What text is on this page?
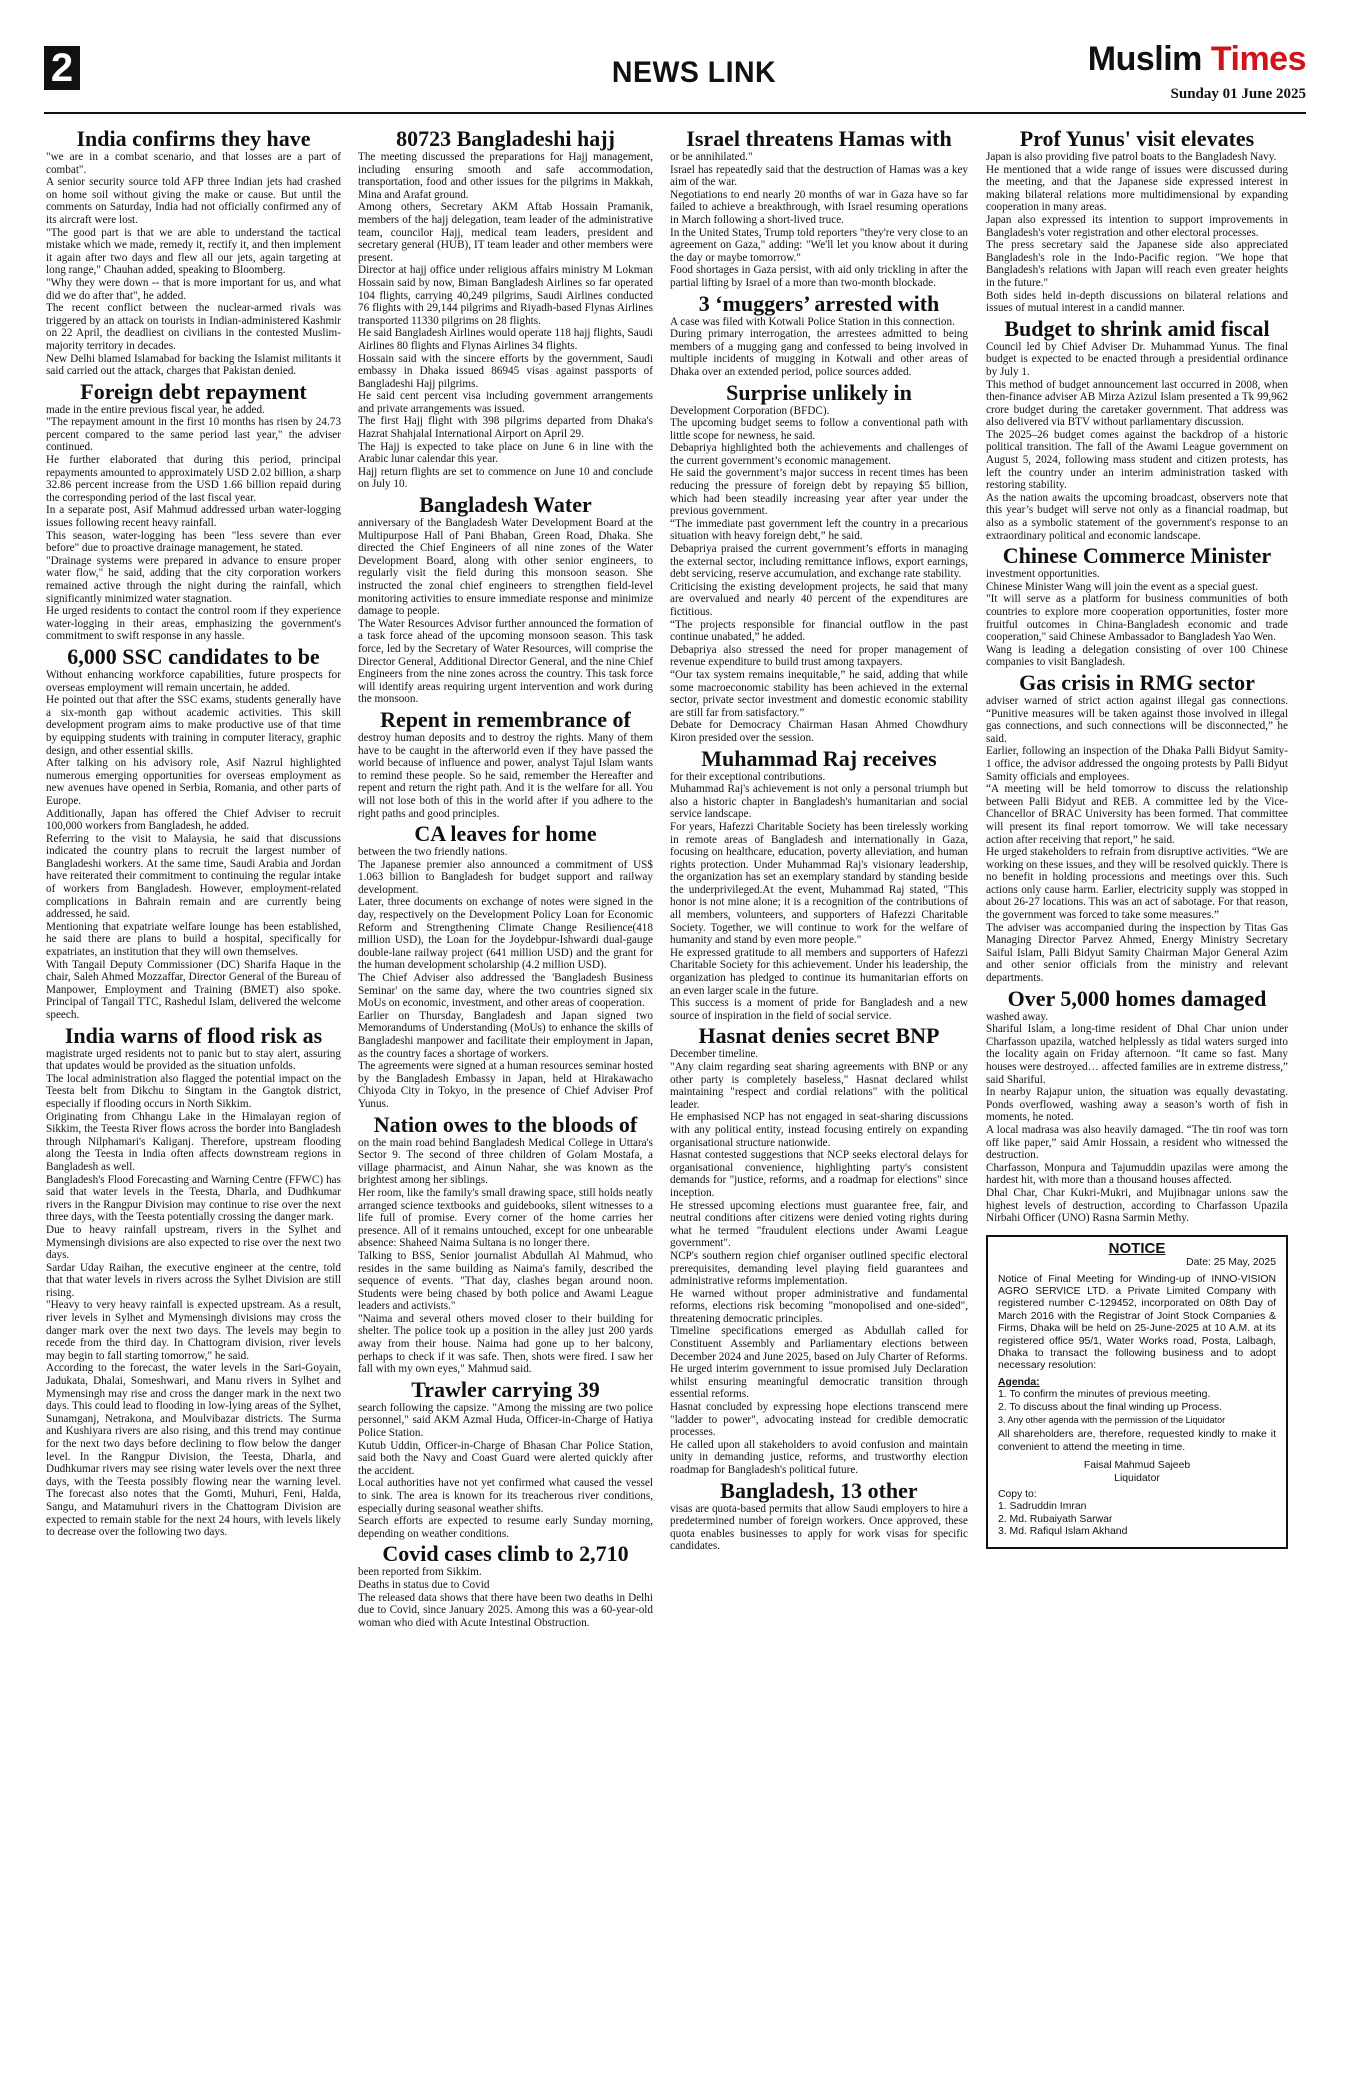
2	NEWS LINK	Muslim Times
Sunday 01 June 2025
India confirms they have

"we are in a combat scenario, and that losses are a part of combat".

A senior security source told AFP three Indian jets had crashed on home soil without giving the make or cause. But until the comments on Saturday, India had not officially confirmed any of its aircraft were lost.

"The good part is that we are able to understand the tactical mistake which we made, remedy it, rectify it, and then implement it again after two days and flew all our jets, again targeting at long range," Chauhan added, speaking to Bloomberg.

"Why they were down -- that is more important for us, and what did we do after that", he added.

The recent conflict between the nuclear-armed rivals was triggered by an attack on tourists in Indian-administered Kashmir on 22 April, the deadliest on civilians in the contested Muslim-majority territory in decades.

New Delhi blamed Islamabad for backing the Islamist militants it said carried out the attack, charges that Pakistan denied.

Foreign debt repayment

made in the entire previous fiscal year, he added.

"The repayment amount in the first 10 months has risen by 24.73 percent compared to the same period last year," the adviser continued.

He further elaborated that during this period, principal repayments amounted to approximately USD 2.02 billion, a sharp 32.86 percent increase from the USD 1.66 billion repaid during the corresponding period of the last fiscal year.

In a separate post, Asif Mahmud addressed urban water-logging issues following recent heavy rainfall.

This season, water-logging has been "less severe than ever before" due to proactive drainage management, he stated.

"Drainage systems were prepared in advance to ensure proper water flow," he said, adding that the city corporation workers remained active through the night during the rainfall, which significantly minimized water stagnation.

He urged residents to contact the control room if they experience water-logging in their areas, emphasizing the government's commitment to swift response in any hassle.

6,000 SSC candidates to be

Without enhancing workforce capabilities, future prospects for overseas employment will remain uncertain, he added.

He pointed out that after the SSC exams, students generally have a six-month gap without academic activities. This skill development program aims to make productive use of that time by equipping students with training in computer literacy, graphic design, and other essential skills.

After talking on his advisory role, Asif Nazrul highlighted numerous emerging opportunities for overseas employment as new avenues have opened in Serbia, Romania, and other parts of Europe.

Additionally, Japan has offered the Chief Adviser to recruit 100,000 workers from Bangladesh, he added.

Referring to the visit to Malaysia, he said that discussions indicated the country plans to recruit the largest number of Bangladeshi workers. At the same time, Saudi Arabia and Jordan have reiterated their commitment to continuing the regular intake of workers from Bangladesh. However, employment-related complications in Bahrain remain and are currently being addressed, he said.

Mentioning that expatriate welfare lounge has been established, he said there are plans to build a hospital, specifically for expatriates, an institution that they will own themselves.

With Tangail Deputy Commissioner (DC) Sharifa Haque in the chair, Saleh Ahmed Mozzaffar, Director General of the Bureau of Manpower, Employment and Training (BMET) also spoke. Principal of Tangail TTC, Rashedul Islam, delivered the welcome speech.

India warns of flood risk as

magistrate urged residents not to panic but to stay alert, assuring that updates would be provided as the situation unfolds.

The local administration also flagged the potential impact on the Teesta belt from Dikchu to Singtam in the Gangtok district, especially if flooding occurs in North Sikkim.

Originating from Chhangu Lake in the Himalayan region of Sikkim, the Teesta River flows across the border into Bangladesh through Nilphamari's Kaliganj. Therefore, upstream flooding along the Teesta in India often affects downstream regions in Bangladesh as well.

Bangladesh's Flood Forecasting and Warning Centre (FFWC) has said that water levels in the Teesta, Dharla, and Dudhkumar rivers in the Rangpur Division may continue to rise over the next three days, with the Teesta potentially crossing the danger mark.

Due to heavy rainfall upstream, rivers in the Sylhet and Mymensingh divisions are also expected to rise over the next two days.

Sardar Uday Raihan, the executive engineer at the centre, told that that water levels in rivers across the Sylhet Division are still rising.

"Heavy to very heavy rainfall is expected upstream. As a result, river levels in Sylhet and Mymensingh divisions may cross the danger mark over the next two days. The levels may begin to recede from the third day. In Chattogram division, river levels may begin to fall starting tomorrow," he said.

According to the forecast, the water levels in the Sari-Goyain, Jadukata, Dhalai, Someshwari, and Manu rivers in Sylhet and Mymensingh may rise and cross the danger mark in the next two days. This could lead to flooding in low-lying areas of the Sylhet, Sunamganj, Netrakona, and Moulvibazar districts. The Surma and Kushiyara rivers are also rising, and this trend may continue for the next two days before declining to flow below the danger level. In the Rangpur Division, the Teesta, Dharla, and Dudhkumar rivers may see rising water levels over the next three days, with the Teesta possibly flowing near the warning level. The forecast also notes that the Gomti, Muhuri, Feni, Halda, Sangu, and Matamuhuri rivers in the Chattogram Division are expected to remain stable for the next 24 hours, with levels likely to decrease over the following two days.

80723 Bangladeshi hajj

The meeting discussed the preparations for Hajj management, including ensuring smooth and safe accommodation, transportation, food and other issues for the pilgrims in Makkah, Mina and Arafat ground.

Among others, Secretary AKM Aftab Hossain Pramanik, members of the hajj delegation, team leader of the administrative team, councilor Hajj, medical team leaders, president and secretary general (HUB), IT team leader and other members were present.

Director at hajj office under religious affairs ministry M Lokman Hossain said by now, Biman Bangladesh Airlines so far operated 104 flights, carrying 40,249 pilgrims, Saudi Airlines conducted 76 flights with 29,144 pilgrims and Riyadh-based Flynas Airlines transported 11330 pilgrims on 28 flights.

He said Bangladesh Airlines would operate 118 hajj flights, Saudi Airlines 80 flights and Flynas Airlines 34 flights.

Hossain said with the sincere efforts by the government, Saudi embassy in Dhaka issued 86945 visas against passports of Bangladeshi Hajj pilgrims.

He said cent percent visa including government arrangements and private arrangements was issued.

The first Hajj flight with 398 pilgrims departed from Dhaka's Hazrat Shahjalal International Airport on April 29.

The Hajj is expected to take place on June 6 in line with the Arabic lunar calendar this year.

Hajj return flights are set to commence on June 10 and conclude on July 10.

Bangladesh Water

anniversary of the Bangladesh Water Development Board at the Multipurpose Hall of Pani Bhaban, Green Road, Dhaka. She directed the Chief Engineers of all nine zones of the Water Development Board, along with other senior engineers, to regularly visit the field during this monsoon season. She instructed the zonal chief engineers to strengthen field-level monitoring activities to ensure immediate response and minimize damage to people.

The Water Resources Advisor further announced the formation of a task force ahead of the upcoming monsoon season. This task force, led by the Secretary of Water Resources, will comprise the Director General, Additional Director General, and the nine Chief Engineers from the nine zones across the country. This task force will identify areas requiring urgent intervention and work during the monsoon.

Repent in remembrance of

destroy human deposits and to destroy the rights. Many of them have to be caught in the afterworld even if they have passed the world because of influence and power, analyst Tajul Islam wants to remind these people. So he said, remember the Hereafter and repent and return the right path. And it is the welfare for all. You will not lose both of this in the world after if you adhere to the right paths and good principles.

CA leaves for home

between the two friendly nations.

The Japanese premier also announced a commitment of US$ 1.063 billion to Bangladesh for budget support and railway development.

Later, three documents on exchange of notes were signed in the day, respectively on the Development Policy Loan for Economic Reform and Strengthening Climate Change Resilience(418 million USD), the Loan for the Joydebpur-Ishwardi dual-gauge double-lane railway project (641 million USD) and the grant for the human development scholarship (4.2 million USD).

The Chief Adviser also addressed the 'Bangladesh Business Seminar' on the same day, where the two countries signed six MoUs on economic, investment, and other areas of cooperation.

Earlier on Thursday, Bangladesh and Japan signed two Memorandums of Understanding (MoUs) to enhance the skills of Bangladeshi manpower and facilitate their employment in Japan, as the country faces a shortage of workers.

The agreements were signed at a human resources seminar hosted by the Bangladesh Embassy in Japan, held at Hirakawacho Chiyoda City in Tokyo, in the presence of Chief Adviser Prof Yunus.

Nation owes to the bloods of

on the main road behind Bangladesh Medical College in Uttara's Sector 9. The second of three children of Golam Mostafa, a village pharmacist, and Ainun Nahar, she was known as the brightest among her siblings.

Her room, like the family's small drawing space, still holds neatly arranged science textbooks and guidebooks, silent witnesses to a life full of promise. Every corner of the home carries her presence. All of it remains untouched, except for one unbearable absence: Shaheed Naima Sultana is no longer there.

Talking to BSS, Senior journalist Abdullah Al Mahmud, who resides in the same building as Naima's family, described the sequence of events. "That day, clashes began around noon. Students were being chased by both police and Awami League leaders and activists."

"Naima and several others moved closer to their building for shelter. The police took up a position in the alley just 200 yards away from their house. Naima had gone up to her balcony, perhaps to check if it was safe. Then, shots were fired. I saw her fall with my own eyes," Mahmud said.

Trawler carrying 39

search following the capsize. "Among the missing are two police personnel," said AKM Azmal Huda, Officer-in-Charge of Hatiya Police Station.

Kutub Uddin, Officer-in-Charge of Bhasan Char Police Station, said both the Navy and Coast Guard were alerted quickly after the accident.

Local authorities have not yet confirmed what caused the vessel to sink. The area is known for its treacherous river conditions, especially during seasonal weather shifts.

Search efforts are expected to resume early Sunday morning, depending on weather conditions.

Covid cases climb to 2,710

been reported from Sikkim.

Deaths in status due to Covid

The released data shows that there have been two deaths in Delhi due to Covid, since January 2025. Among this was a 60-year-old woman who died with Acute Intestinal Obstruction.

Israel threatens Hamas with

or be annihilated."

Israel has repeatedly said that the destruction of Hamas was a key aim of the war.

Negotiations to end nearly 20 months of war in Gaza have so far failed to achieve a breakthrough, with Israel resuming operations in March following a short-lived truce.

In the United States, Trump told reporters "they're very close to an agreement on Gaza," adding: "We'll let you know about it during the day or maybe tomorrow."

Food shortages in Gaza persist, with aid only trickling in after the partial lifting by Israel of a more than two-month blockade.

3 ‘muggers’ arrested with

A case was filed with Kotwali Police Station in this connection.

During primary interrogation, the arrestees admitted to being members of a mugging gang and confessed to being involved in multiple incidents of mugging in Kotwali and other areas of Dhaka over an extended period, police sources added.

Surprise unlikely in

Development Corporation (BFDC).

The upcoming budget seems to follow a conventional path with little scope for newness, he said.

Debapriya highlighted both the achievements and challenges of the current government’s economic management.

He said the government’s major success in recent times has been reducing the pressure of foreign debt by repaying $5 billion, which had been steadily increasing year after year under the previous government.

“The immediate past government left the country in a precarious situation with heavy foreign debt,” he said.

Debapriya praised the current government’s efforts in managing the external sector, including remittance inflows, export earnings, debt servicing, reserve accumulation, and exchange rate stability.

Criticising the existing development projects, he said that many are overvalued and nearly 40 percent of the expenditures are fictitious.

“The projects responsible for financial outflow in the past continue unabated,” he added.

Debapriya also stressed the need for proper management of revenue expenditure to build trust among taxpayers.

“Our tax system remains inequitable,” he said, adding that while some macroeconomic stability has been achieved in the external sector, private sector investment and domestic economic stability are still far from satisfactory.”

Debate for Democracy Chairman Hasan Ahmed Chowdhury Kiron presided over the session.

Muhammad Raj receives

for their exceptional contributions.

Muhammad Raj's achievement is not only a personal triumph but also a historic chapter in Bangladesh's humanitarian and social service landscape.

For years, Hafezzi Charitable Society has been tirelessly working in remote areas of Bangladesh and internationally in Gaza, focusing on healthcare, education, poverty alleviation, and human rights protection. Under Muhammad Raj's visionary leadership, the organization has set an exemplary standard by standing beside the underprivileged.At the event, Muhammad Raj stated, "This honor is not mine alone; it is a recognition of the contributions of all members, volunteers, and supporters of Hafezzi Charitable Society. Together, we will continue to work for the welfare of humanity and stand by even more people."

He expressed gratitude to all members and supporters of Hafezzi Charitable Society for this achievement. Under his leadership, the organization has pledged to continue its humanitarian efforts on an even larger scale in the future.

This success is a moment of pride for Bangladesh and a new source of inspiration in the field of social service.

Hasnat denies secret BNP

December timeline.

"Any claim regarding seat sharing agreements with BNP or any other party is completely baseless," Hasnat declared whilst maintaining "respect and cordial relations" with the political leader.

He emphasised NCP has not engaged in seat-sharing discussions with any political entity, instead focusing entirely on expanding organisational structure nationwide.

Hasnat contested suggestions that NCP seeks electoral delays for organisational convenience, highlighting party's consistent demands for "justice, reforms, and a roadmap for elections" since inception.

He stressed upcoming elections must guarantee free, fair, and neutral conditions after citizens were denied voting rights during what he termed "fraudulent elections under Awami League government".

NCP's southern region chief organiser outlined specific electoral prerequisites, demanding level playing field guarantees and administrative reforms implementation.

He warned without proper administrative and fundamental reforms, elections risk becoming "monopolised and one-sided", threatening democratic principles.

Timeline specifications emerged as Abdullah called for Constituent Assembly and Parliamentary elections between December 2024 and June 2025, based on July Charter of Reforms.

He urged interim government to issue promised July Declaration whilst ensuring meaningful democratic transition through essential reforms.

Hasnat concluded by expressing hope elections transcend mere "ladder to power", advocating instead for credible democratic processes.

He called upon all stakeholders to avoid confusion and maintain unity in demanding justice, reforms, and trustworthy election roadmap for Bangladesh's political future.

Bangladesh, 13 other

visas are quota-based permits that allow Saudi employers to hire a predetermined number of foreign workers. Once approved, these quota enables businesses to apply for work visas for specific candidates.

Prof Yunus' visit elevates

Japan is also providing five patrol boats to the Bangladesh Navy.

He mentioned that a wide range of issues were discussed during the meeting, and that the Japanese side expressed interest in making bilateral relations more multidimensional by expanding cooperation in many areas.

Japan also expressed its intention to support improvements in Bangladesh's voter registration and other electoral processes.

The press secretary said the Japanese side also appreciated Bangladesh's role in the Indo-Pacific region. "We hope that Bangladesh's relations with Japan will reach even greater heights in the future."

Both sides held in-depth discussions on bilateral relations and issues of mutual interest in a candid manner.

Budget to shrink amid fiscal

Council led by Chief Adviser Dr. Muhammad Yunus. The final budget is expected to be enacted through a presidential ordinance by July 1.

This method of budget announcement last occurred in 2008, when then-finance adviser AB Mirza Azizul Islam presented a Tk 99,962 crore budget during the caretaker government. That address was also delivered via BTV without parliamentary discussion.

The 2025–26 budget comes against the backdrop of a historic political transition. The fall of the Awami League government on August 5, 2024, following mass student and citizen protests, has left the country under an interim administration tasked with restoring stability.

As the nation awaits the upcoming broadcast, observers note that this year’s budget will serve not only as a financial roadmap, but also as a symbolic statement of the government's response to an extraordinary political and economic landscape.

Chinese Commerce Minister

investment opportunities.

Chinese Minister Wang will join the event as a special guest.

"It will serve as a platform for business communities of both countries to explore more cooperation opportunities, foster more fruitful outcomes in China-Bangladesh economic and trade cooperation," said Chinese Ambassador to Bangladesh Yao Wen.

Wang is leading a delegation consisting of over 100 Chinese companies to visit Bangladesh.

Gas crisis in RMG sector

adviser warned of strict action against illegal gas connections. “Punitive measures will be taken against those involved in illegal gas connections, and such connections will be disconnected,” he said.

Earlier, following an inspection of the Dhaka Palli Bidyut Samity-1 office, the advisor addressed the ongoing protests by Palli Bidyut Samity officials and employees.

“A meeting will be held tomorrow to discuss the relationship between Palli Bidyut and REB. A committee led by the Vice-Chancellor of BRAC University has been formed. That committee will present its final report tomorrow. We will take necessary action after receiving that report,” he said.

He urged stakeholders to refrain from disruptive activities. “We are working on these issues, and they will be resolved quickly. There is no benefit in holding processions and meetings over this. Such actions only cause harm. Earlier, electricity supply was stopped in about 26-27 locations. This was an act of sabotage. For that reason, the government was forced to take some measures.”

The adviser was accompanied during the inspection by Titas Gas Managing Director Parvez Ahmed, Energy Ministry Secretary Saiful Islam, Palli Bidyut Samity Chairman Major General Azim and other senior officials from the ministry and relevant departments.

Over 5,000 homes damaged

washed away.

Shariful Islam, a long-time resident of Dhal Char union under Charfasson upazila, watched helplessly as tidal waters surged into the locality again on Friday afternoon. “It came so fast. Many houses were destroyed… affected families are in extreme distress,” said Shariful.

In nearby Rajapur union, the situation was equally devastating. Ponds overflowed, washing away a season’s worth of fish in moments, he noted.

A local madrasa was also heavily damaged. “The tin roof was torn off like paper,” said Amir Hossain, a resident who witnessed the destruction.

Charfasson, Monpura and Tajumuddin upazilas were among the hardest hit, with more than a thousand houses affected.

Dhal Char, Char Kukri-Mukri, and Mujibnagar unions saw the highest levels of destruction, according to Charfasson Upazila Nirbahi Officer (UNO) Rasna Sarmin Methy.

NOTICE

Date: 25 May, 2025

Notice of Final Meeting for Winding-up of INNO-VISION AGRO SERVICE LTD. a Private Limited Company with registered number C-129452, incorporated on 08th Day of March 2016 with the Registrar of Joint Stock Companies & Firms, Dhaka will be held on 25-June-2025 at 10 A.M. at its registered office 95/1, Water Works road, Posta, Lalbagh, Dhaka to transact the following business and to adopt necessary resolution:

Agenda:

1. To confirm the minutes of previous meeting.

2. To discuss about the final winding up Process.

3. Any other agenda with the permission of the Liquidator

All shareholders are, therefore, requested kindly to make it convenient to attend the meeting in time.

Faisal Mahmud Sajeeb
Liquidator

Copy to:

1. Sadruddin Imran

2. Md. Rubaiyath Sarwar

3. Md. Rafiqul Islam Akhand
